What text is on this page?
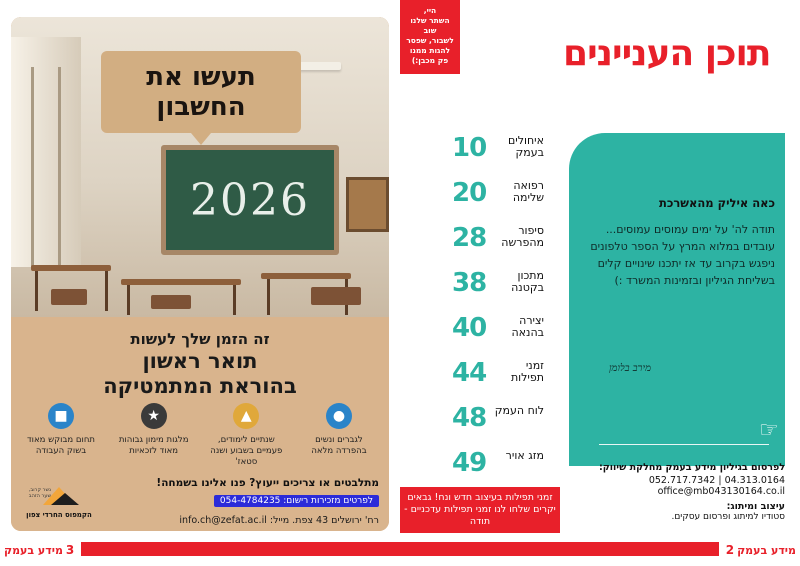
2026
תעשו את
החשבון
זה הזמן שלך לעשות
תואר ראשון
בהוראת המתמטיקה
●
לגברים ונשים בהפרדה מלאה
▲
שנתיים לימודים, פעמיים בשבוע ושנה סטאז'
★
מלגות מימון גבוהות מאוד לזכאיות
■
תחום מבוקש מאוד בשוק העבודה
מתלבטים או צריכים ייעוץ? פנו אלינו בשמחה!
לפרטים מזכירות רישום: 054-4784235
רח' ירושלים 43 צפת. מייל: info.ch@zefat.ac.il
נשר קרוב, שער הזהב
הקמפוס החרדי צפון
היי,
השתר שלנו שוב
לשבור, שפסר
להגות ממנו
פק מכבן:)
10	איחולים בעמק
20	רפואה שלימה
28	סיפור מהפרשה
38	מתכון בקטנה
40	יצירה בהנאה
44	זמני תפילות
48 לוח העמק
49	מזג אויר
זמני תפילות בעיצוב חדש ונח! גבאים יקרים שלחו לנו זמני תפילות עדכניים - תודה
תוכן העניינים
כאה איליק מהאשרכת
תודה לה' על ימים עמוסים עמוסים... עובדים במלוא המרץ על הספר טלפונים ניפגש בקרוב עד אז יתכנו שינויים קלים בשליחת הגיליון ובזמינות המשרד :)
מירב בלומן
☞
לפרסום בגיליון מידע בעמק מחלקת שיווק:
04.313.0164 | 052.717.7342
office@mb043130164.co.il
עיצוב ומיתוג:
סטודיו למיתוג ופרסום עסקים.
מידע בעמק 3	2 מידע בעמק
